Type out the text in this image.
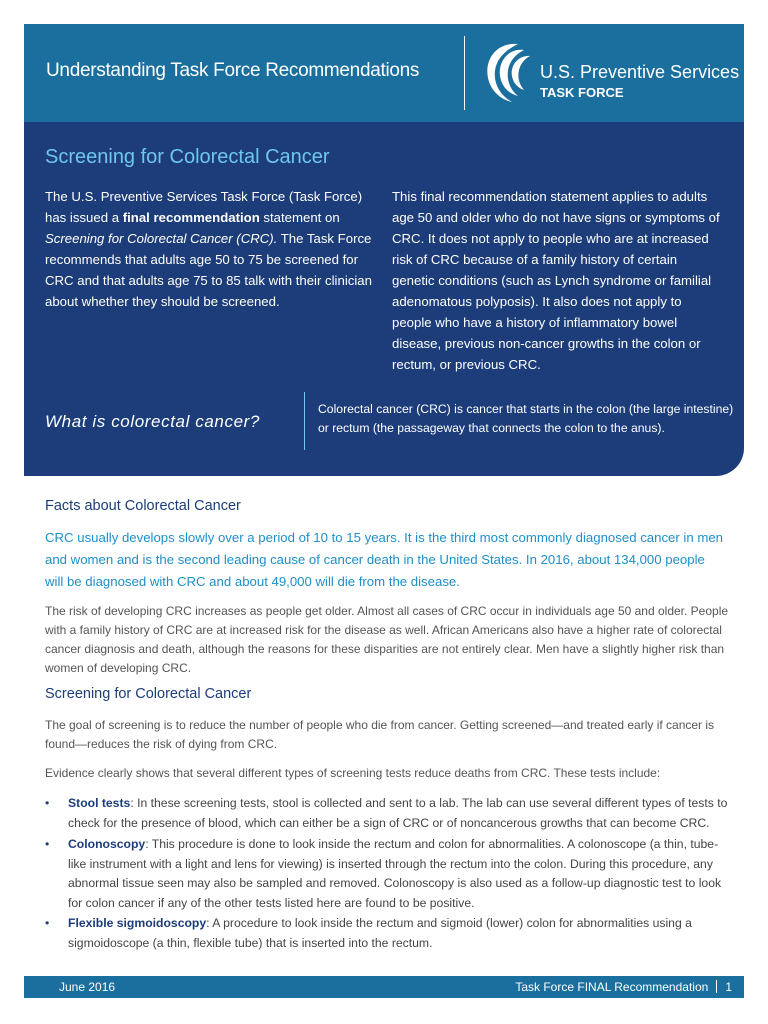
Understanding Task Force Recommendations	U.S. Preventive Services
TASK FORCE
Screening for Colorectal Cancer
The U.S. Preventive Services Task Force (Task Force) has issued a final recommendation statement on Screening for Colorectal Cancer (CRC). The Task Force recommends that adults age 50 to 75 be screened for CRC and that adults age 75 to 85 talk with their clinician about whether they should be screened.
This final recommendation statement applies to adults age 50 and older who do not have signs or symptoms of CRC. It does not apply to people who are at increased risk of CRC because of a family history of certain genetic conditions (such as Lynch syndrome or familial adenomatous polyposis). It also does not apply to people who have a history of inflammatory bowel disease, previous non-cancer growths in the colon or rectum, or previous CRC.
What is colorectal cancer?
Colorectal cancer (CRC) is cancer that starts in the colon (the large intestine) or rectum (the passageway that connects the colon to the anus).
Facts about Colorectal Cancer
CRC usually develops slowly over a period of 10 to 15 years. It is the third most commonly diagnosed cancer in men and women and is the second leading cause of cancer death in the United States. In 2016, about 134,000 people will be diagnosed with CRC and about 49,000 will die from the disease.
The risk of developing CRC increases as people get older. Almost all cases of CRC occur in individuals age 50 and older. People with a family history of CRC are at increased risk for the disease as well. African Americans also have a higher rate of colorectal cancer diagnosis and death, although the reasons for these disparities are not entirely clear. Men have a slightly higher risk than women of developing CRC.
Screening for Colorectal Cancer
The goal of screening is to reduce the number of people who die from cancer. Getting screened—and treated early if cancer is found—reduces the risk of dying from CRC.
Evidence clearly shows that several different types of screening tests reduce deaths from CRC. These tests include:
•	Stool tests: In these screening tests, stool is collected and sent to a lab. The lab can use several different types of tests to check for the presence of blood, which can either be a sign of CRC or of noncancerous growths that can become CRC.
•	Colonoscopy: This procedure is done to look inside the rectum and colon for abnormalities. A colonoscope (a thin, tube-like instrument with a light and lens for viewing) is inserted through the rectum into the colon. During this procedure, any abnormal tissue seen may also be sampled and removed. Colonoscopy is also used as a follow-up diagnostic test to look for colon cancer if any of the other tests listed here are found to be positive.
•	Flexible sigmoidoscopy: A procedure to look inside the rectum and sigmoid (lower) colon for abnormalities using a sigmoidoscope (a thin, flexible tube) that is inserted into the rectum.
June 2016	Task Force FINAL Recommendation 1
